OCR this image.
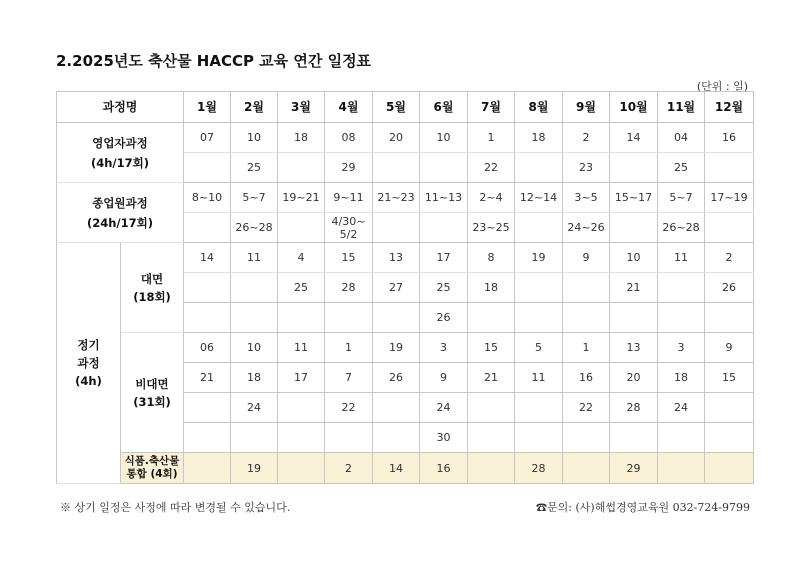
2.2025년도 축산물 HACCP 교육 연간 일정표
(단위 : 일)
과정명		1월	2월	3월	4월	5월	6월	7월	8월	9월	10월	11월	12월

영업자과정
(4h/17회)		07	10	18	08	20	10	1	18	2	14	04	16
			25		29			22		23		25	

종업원과정
(24h/17회)		8~10	5~7	19~21	9~11	21~23	11~13	2~4	12~14	3~5	15~17	5~7	17~19
			26~28		4/30~ 5/2			23~25		24~26		26~28	

정기
과정
(4h)	대면
(18회)	14	11	4	15	13	17	8	19	9	10	11	2
				25	28	27	25	18			21		26
							26						

	비대면
(31회)	06	10	11	1	19	3	15	5	1	13	3	9
		21	18	17	7	26	9	21	11	16	20	18	15
			24		22		24			22	28	24	
							30						
	식품.축산물 통합 (4회)		19		2	14	16		28		29		
※ 상기 일정은 사정에 따라 변경될 수 있습니다.	☎문의: (사)해썹경영교육원 032-724-9799
